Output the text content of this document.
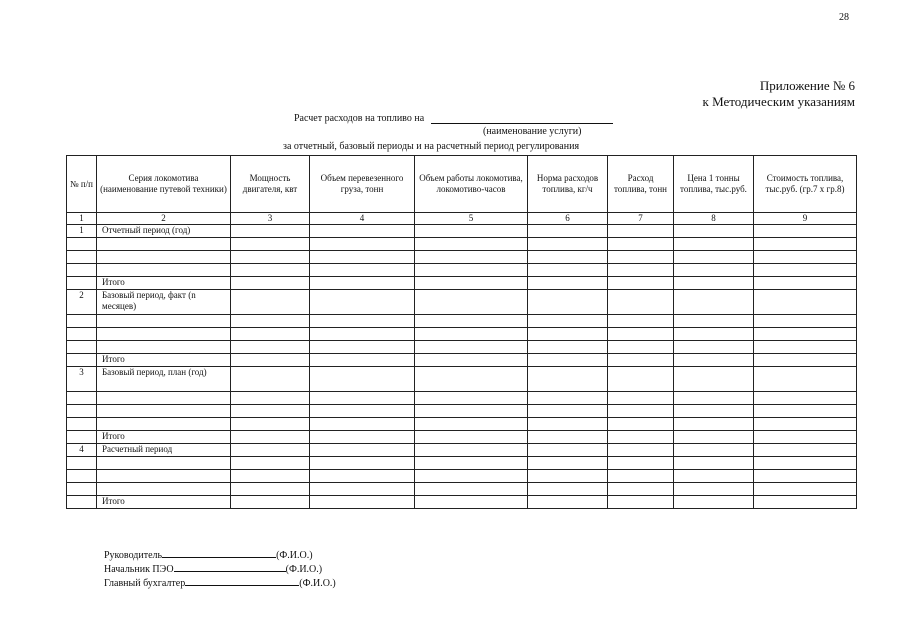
28
Приложение № 6
к Методическим указаниям
Расчет расходов на топливо на
(наименование услуги)
за отчетный, базовый периоды и на расчетный период регулирования
№ п/п	Серия локомотива (наименование путевой техники)	Мощность двигателя, квт	Объем перевезенного груза, тонн	Объем работы локомотива, локомотиво-часов	Норма расходов топлива, кг/ч	Расход топлива, тонн	Цена 1 тонны топлива, тыс.руб.	Стоимость топлива, тыс.руб. (гр.7 х гр.8)
1	2	3	4	5	6	7	8	9
1	Отчетный период (год)							

	Итого							
2	Базовый период, факт (n месяцев)							

	Итого							
3	Базовый период, план (год)							

	Итого							
4	Расчетный период							

	Итого							
Руководитель	(Ф.И.О.)
Начальник ПЭО	(Ф.И.О.)
Главный бухгалтер	(Ф.И.О.)
